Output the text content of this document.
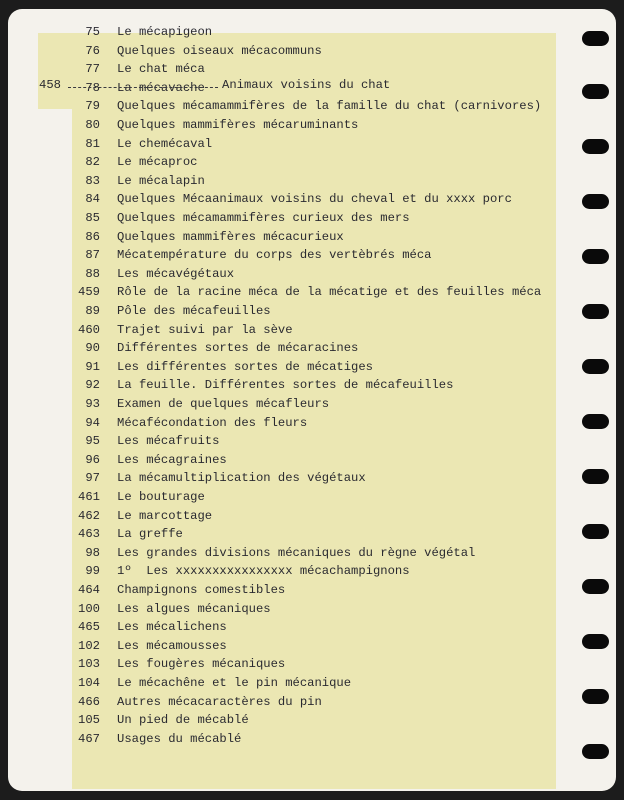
75 Le mécapigeon
76 Quelques oiseaux mécacommuns
77 Le chat méca
78 La mécavache
79 Quelques mécamammifères de la famille du chat (carnivores)
80 Quelques mammifères mécaruminants
81 Le chemécaval
82 Le mécaproc
83 Le mécalapin
84 Quelques Mécaanimaux voisins du cheval et du xxxx porc
85 Quelques mécamammifères curieux des mers
86 Quelques mammifères mécacurieux
87 Mécatempérature du corps des vertèbrés méca
88 Les mécavégétaux
459 Rôle de la racine méca de la mécatige et des feuilles méca
89 Pôle des mécafeuilles
460 Trajet suivi par la sève
90 Différentes sortes de mécaracines
91 Les différentes sortes de mécatiges
92 La feuille. Différentes sortes de mécafeuilles
93 Examen de quelques mécafleurs
94 Mécafécondation des fleurs
95 Les mécafruits
96 Les mécagraines
97 La mécamultiplication des végétaux
461 Le bouturage
462 Le marcottage
463 La greffe
98 Les grandes divisions mécaniques du règne végétal
99 1º  Les xxxxxxxxxxxxxxxx mécachampignons
464 Champignons comestibles
100 Les algues mécaniques
465 Les mécalichens
102 Les mécamousses
103 Les fougères mécaniques
104 Le mécachêne et le pin mécanique
466 Autres mécacaractères du pin
105 Un pied de mécablé
467 Usages du mécablé
458	Animaux voisins du chat
